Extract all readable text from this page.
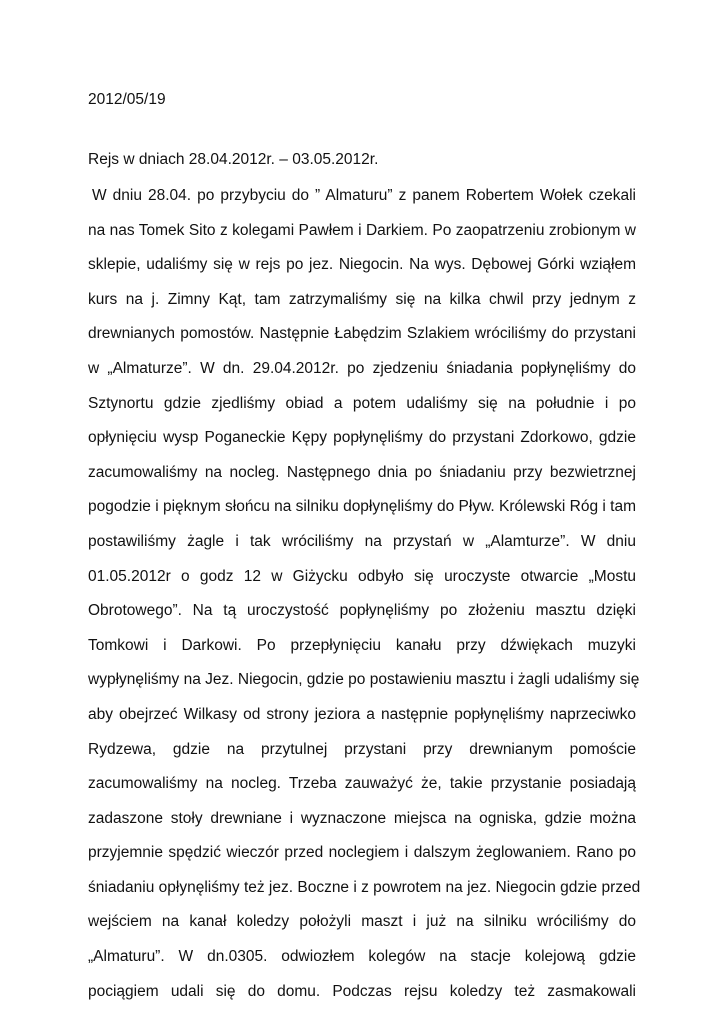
2012/05/19
Rejs w dniach 28.04.2012r. – 03.05.2012r.
W dniu 28.04. po przybyciu do ” Almaturu” z panem Robertem Wołek czekali
na nas Tomek Sito z kolegami Pawłem i Darkiem. Po zaopatrzeniu zrobionym w
sklepie, udaliśmy się w rejs po jez. Niegocin. Na wys. Dębowej Górki wziąłem
kurs na j. Zimny Kąt, tam zatrzymaliśmy się na kilka chwil przy jednym z
drewnianych pomostów. Następnie Łabędzim Szlakiem wróciliśmy do przystani
w „Almaturze”. W dn. 29.04.2012r. po zjedzeniu śniadania popłynęliśmy do
Sztynortu gdzie zjedliśmy obiad a potem udaliśmy się na południe i po
opłynięciu wysp Poganeckie Kępy popłynęliśmy do przystani Zdorkowo, gdzie
zacumowaliśmy na nocleg. Następnego dnia po śniadaniu przy bezwietrznej
pogodzie i pięknym słońcu na silniku dopłynęliśmy do Pływ. Królewski Róg i tam
postawiliśmy żagle i tak wróciliśmy na przystań w „Alamturze”. W dniu
01.05.2012r o godz 12 w Giżycku odbyło się uroczyste otwarcie „Mostu
Obrotowego”. Na tą uroczystość popłynęliśmy po złożeniu masztu dzięki
Tomkowi i Darkowi. Po przepłynięciu kanału przy dźwiękach muzyki
wypłynęliśmy na Jez. Niegocin, gdzie po postawieniu masztu i żagli udaliśmy się
aby obejrzeć Wilkasy od strony jeziora a następnie popłynęliśmy naprzeciwko
Rydzewa, gdzie na przytulnej przystani przy drewnianym pomoście
zacumowaliśmy na nocleg. Trzeba zauważyć że, takie przystanie posiadają
zadaszone stoły drewniane i wyznaczone miejsca na ogniska, gdzie można
przyjemnie spędzić wieczór przed noclegiem i dalszym żeglowaniem. Rano po
śniadaniu opłynęliśmy też jez. Boczne i z powrotem na jez. Niegocin gdzie przed
wejściem na kanał koledzy położyli maszt i już na silniku wróciliśmy do
„Almaturu”. W dn.0305. odwiozłem kolegów na stacje kolejową gdzie
pociągiem udali się do domu. Podczas rejsu koledzy też zasmakowali
